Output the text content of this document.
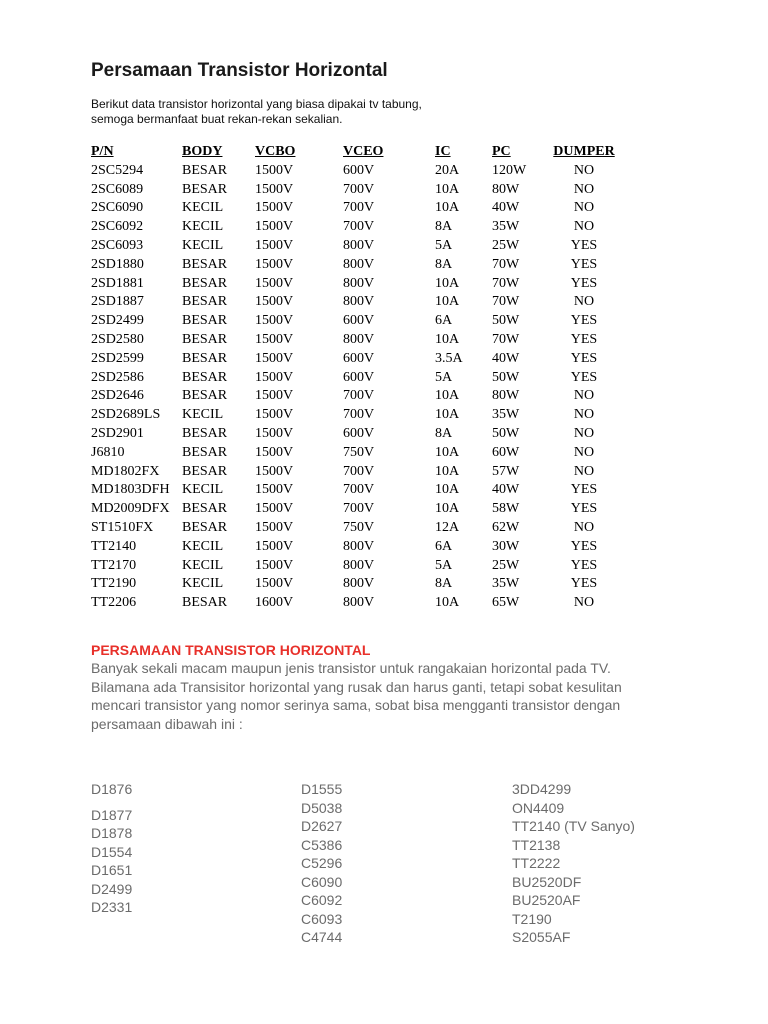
Persamaan Transistor Horizontal
Berikut data transistor horizontal yang biasa dipakai tv tabung,
semoga bermanfaat buat rekan-rekan sekalian.
P/N	BODY VCBO	VCEO	IC	PC	DUMPER
2SC5294	BESAR 1500V	600V	20A 120W	NO
2SC6089	BESAR 1500V	700V	10A 80W	NO
2SC6090	KECIL 1500V	700V	10A 40W	NO
2SC6092	KECIL 1500V	700V	8A	35W	NO
2SC6093	KECIL 1500V	800V	5A	25W	YES
2SD1880	BESAR 1500V	800V	8A	70W	YES
2SD1881	BESAR 1500V	800V	10A 70W	YES
2SD1887	BESAR 1500V	800V	10A 70W	NO
2SD2499	BESAR 1500V	600V	6A	50W	YES
2SD2580	BESAR 1500V	800V	10A 70W	YES
2SD2599	BESAR 1500V	600V	3.5A 40W	YES
2SD2586	BESAR 1500V	600V	5A	50W	YES
2SD2646	BESAR 1500V	700V	10A 80W	NO
2SD2689LS KECIL 1500V	700V	10A 35W	NO
2SD2901	BESAR 1500V	600V	8A	50W	NO
J6810	BESAR 1500V	750V	10A 60W	NO
MD1802FX BESAR 1500V	700V	10A 57W	NO
MD1803DFH KECIL 1500V	700V	10A 40W	YES
MD2009DFX BESAR 1500V	700V	10A 58W	YES
ST1510FX BESAR 1500V	750V	12A 62W	NO
TT2140	KECIL 1500V	800V	6A	30W	YES
TT2170	KECIL 1500V	800V	5A	25W	YES
TT2190	KECIL 1500V	800V	8A	35W	YES
TT2206	BESAR 1600V	800V	10A 65W	NO
PERSAMAAN TRANSISTOR HORIZONTAL
Banyak sekali macam maupun jenis transistor untuk rangakaian horizontal pada TV.
Bilamana ada Transisitor horizontal yang rusak dan harus ganti, tetapi sobat kesulitan
mencari transistor yang nomor serinya sama, sobat bisa mengganti transistor dengan
persamaan dibawah ini :
D1876
D1877
D1878
D1554
D1651
D2499
D2331
D1555
D5038
D2627
C5386
C5296
C6090
C6092
C6093
C4744
3DD4299
ON4409
TT2140 (TV Sanyo)
TT2138
TT2222
BU2520DF
BU2520AF
T2190
S2055AF
